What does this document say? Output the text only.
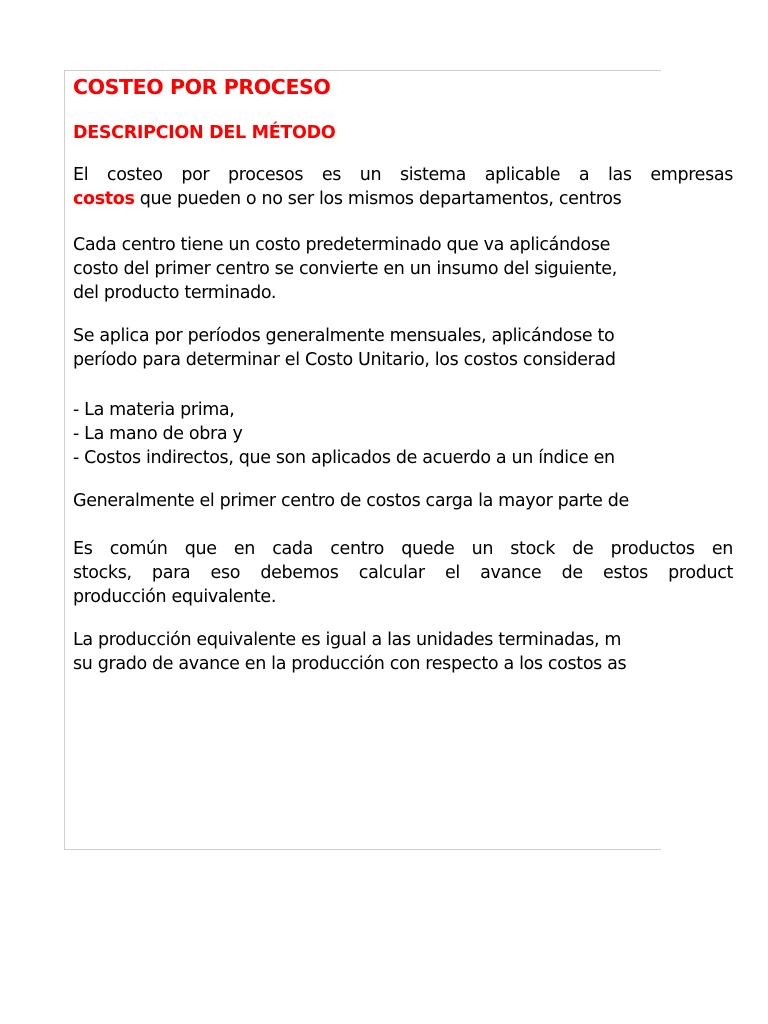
COSTEO POR PROCESO
DESCRIPCION DEL MÉTODO
El costeo por procesos es un sistema aplicable a las empresas
costos que pueden o no ser los mismos departamentos, centros
Cada centro tiene un costo predeterminado que va aplicándose
costo del primer centro se convierte en un insumo del siguiente,
del producto terminado.
Se aplica por períodos generalmente mensuales, aplicándose to
período para determinar el Costo Unitario, los costos considerad
- La materia prima,
- La mano de obra y
- Costos indirectos, que son aplicados de acuerdo a un índice en
Generalmente el primer centro de costos carga la mayor parte de
Es común que en cada centro quede un stock de productos en
stocks, para eso debemos calcular el avance de estos product
producción equivalente.
La producción equivalente es igual a las unidades terminadas, m
su grado de avance en la producción con respecto a los costos as
